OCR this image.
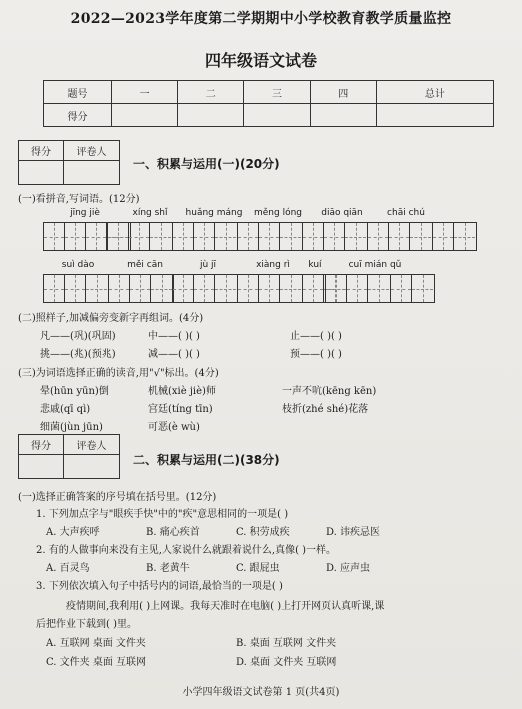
2022—2023学年度第二学期期中小学校教育教学质量监控
四年级语文试卷
题号	一	二	三	四	总计
得分					
得分	评卷人

一、积累与运用(一)(20分)
(一)看拼音,写词语。(12分)
jīng jiè	xíng shǐ	huǎng máng	měng lóng	diāo qiān	chāi chú
suì dào	měi cān	jù jī	xiàng rì	kuí	cuī mián qǔ
(二)照样子,加减偏旁变新字再组词。(4分)
凡——(巩)(巩固)	中——( )( )	止——( )( )
挑——(兆)(预兆)	减——( )( )	预——( )( )
(三)为词语选择正确的读音,用"√"标出。(4分)
晕(hūn yūn)倒	机械(xiè jiè)师	一声不吭(kēng kēn)
悲戚(qī qì)	宫廷(tíng tīn)	枝折(zhé shé)花落
细菌(jùn jūn)	可恶(è wù)
得分	评卷人

二、积累与运用(二)(38分)
(一)选择正确答案的序号填在括号里。(12分)
1. 下列加点字与"眼疾手快"中的"疾"意思相同的一项是( )
A. 大声疾呼	B. 痛心疾首	C. 积劳成疾	D. 讳疾忌医
2. 有的人做事向来没有主见,人家说什么就跟着说什么,真像( )一样。
A. 百灵鸟	B. 老黄牛	C. 跟屁虫	D. 应声虫
3. 下列依次填入句子中括号内的词语,最恰当的一项是( )
疫情期间,我利用( )上网课。我每天准时在电脑( )上打开网页认真听课,课
后把作业下载到( )里。
A. 互联网 桌面 文件夹	B. 桌面 互联网 文件夹
C. 文件夹 桌面 互联网	D. 桌面 文件夹 互联网
小学四年级语文试卷第 1 页(共4页)
